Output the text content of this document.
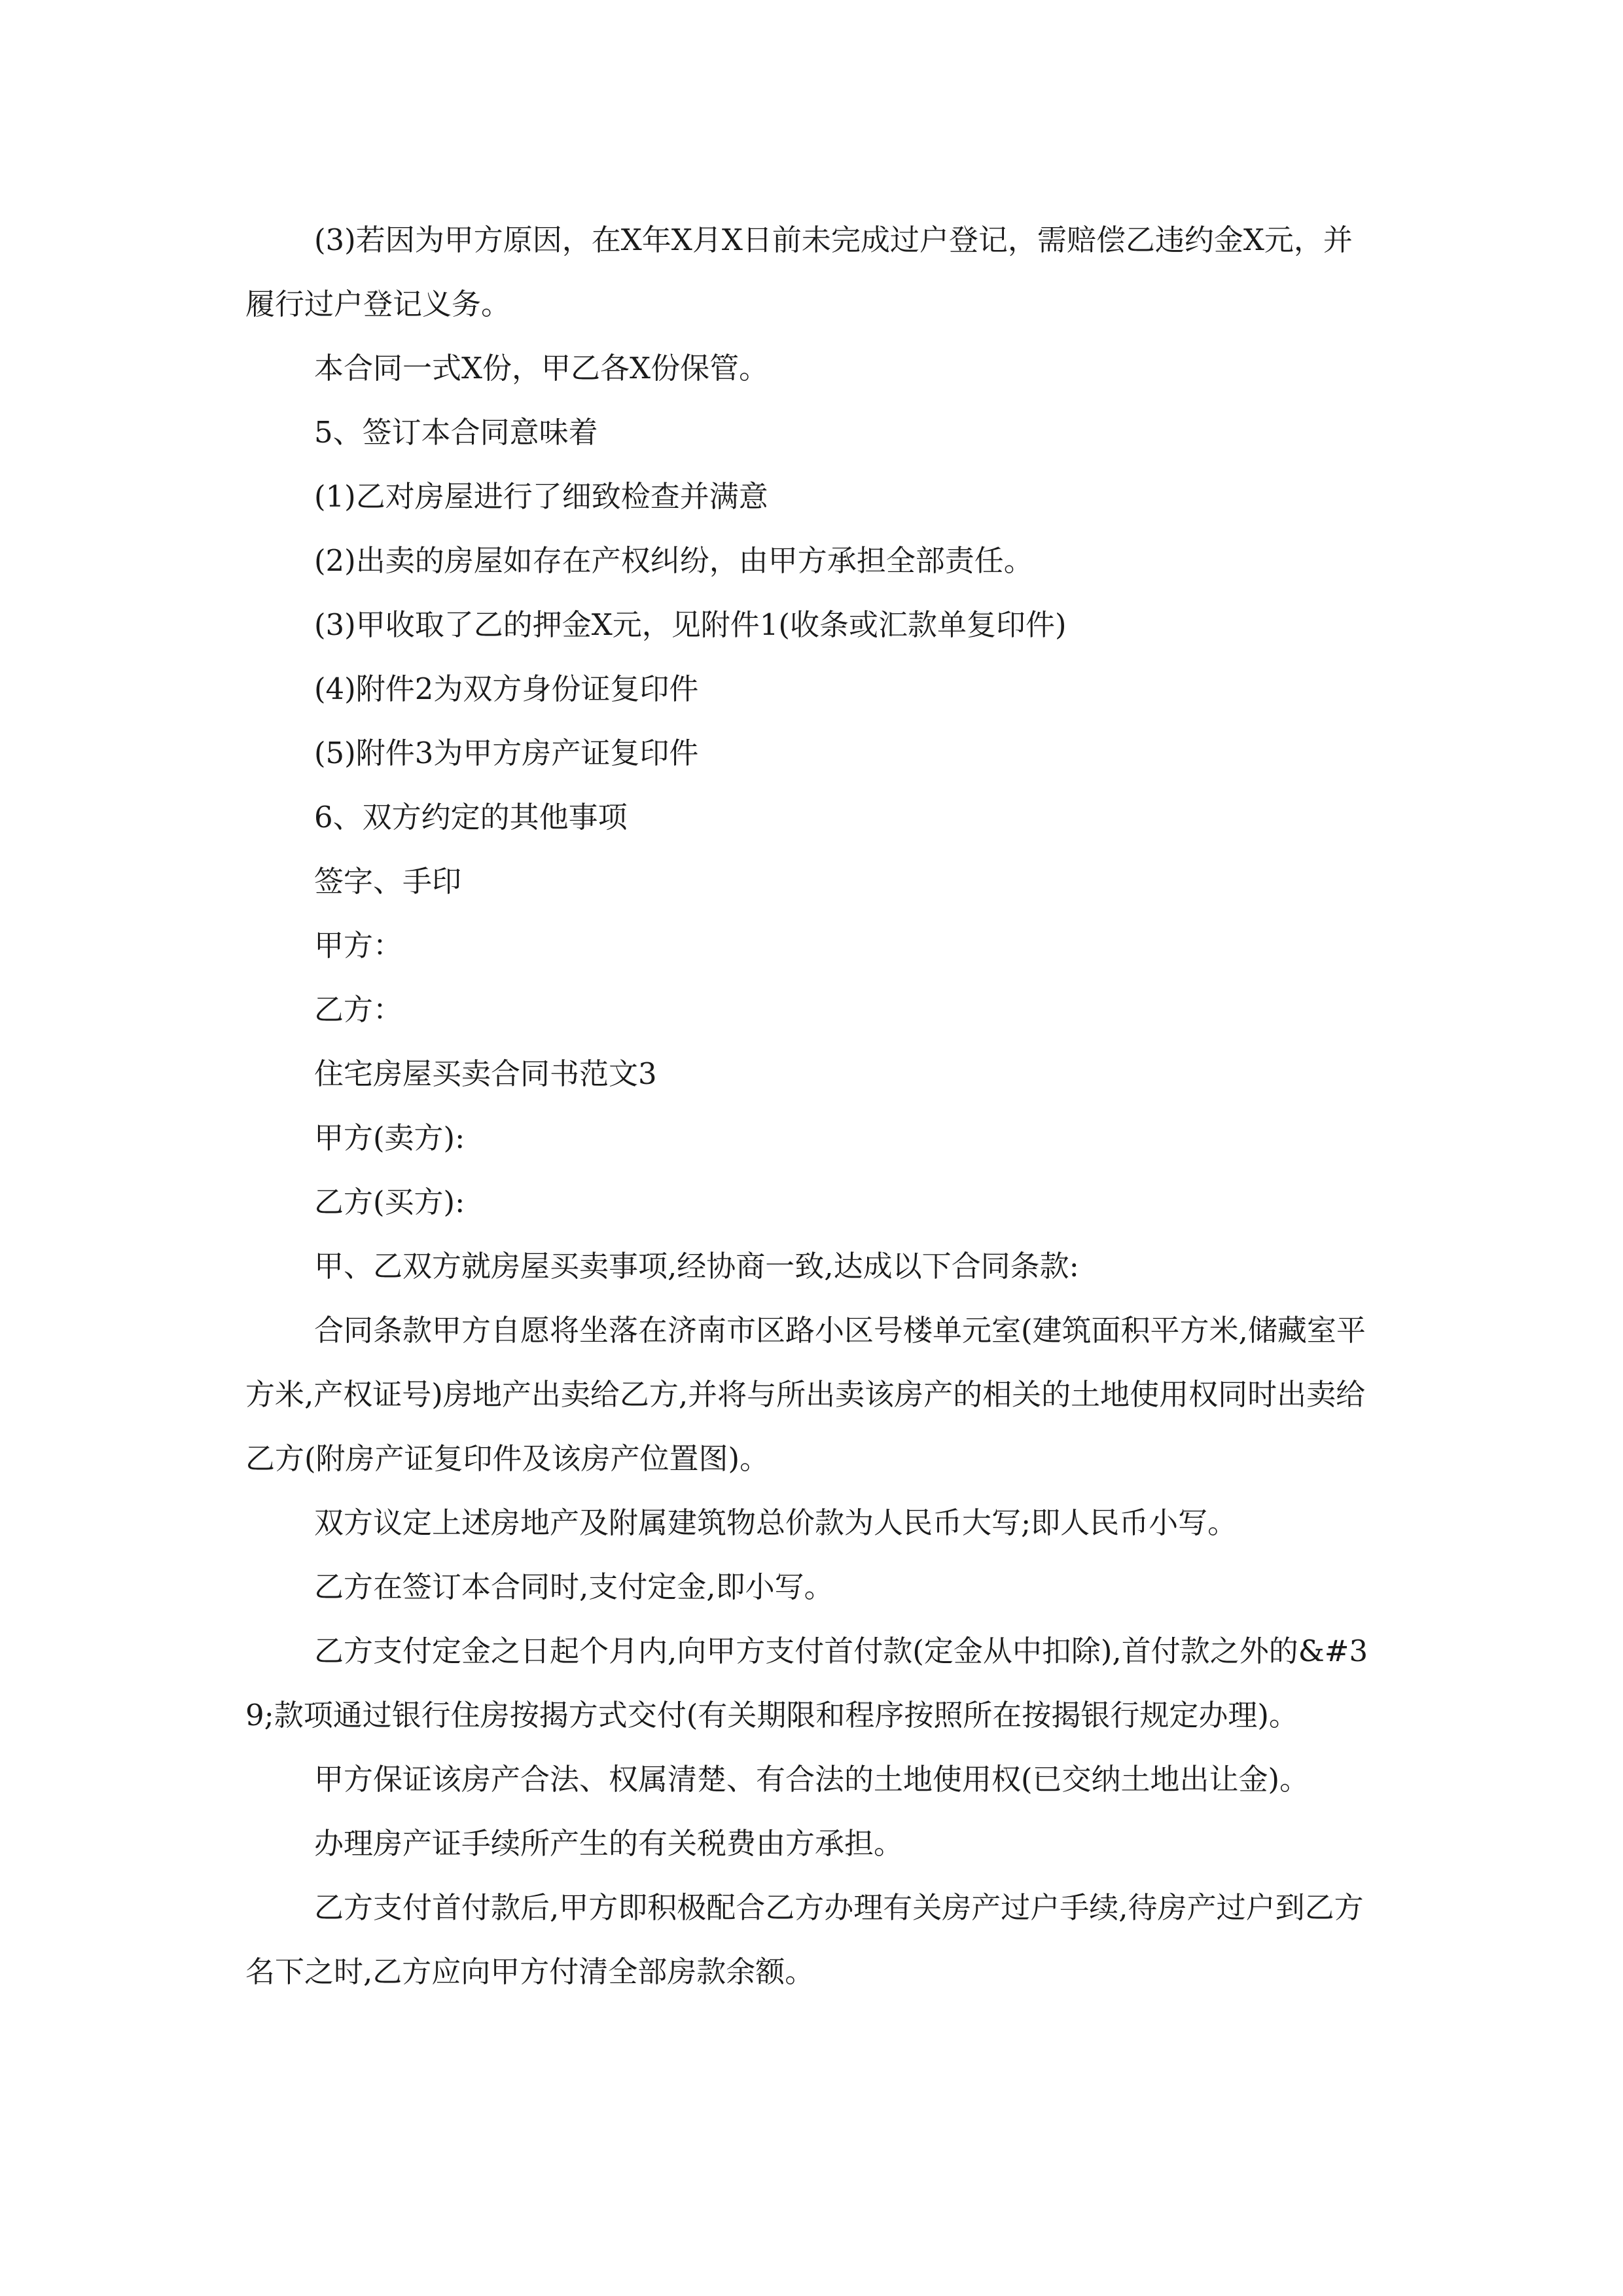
(3)若因为甲方原因，在X年X月X日前未完成过户登记，需赔偿乙违约金X元，并履行过户登记义务。

本合同一式X份，甲乙各X份保管。

5、签订本合同意味着

(1)乙对房屋进行了细致检查并满意

(2)出卖的房屋如存在产权纠纷，由甲方承担全部责任。

(3)甲收取了乙的押金X元，见附件1(收条或汇款单复印件)

(4)附件2为双方身份证复印件

(5)附件3为甲方房产证复印件

6、双方约定的其他事项

签字、手印

甲方：

乙方：

住宅房屋买卖合同书范文3

甲方(卖方):

乙方(买方):

甲、乙双方就房屋买卖事项,经协商一致,达成以下合同条款:

合同条款甲方自愿将坐落在济南市区路小区号楼单元室(建筑面积平方米,储藏室平方米,产权证号)房地产出卖给乙方,并将与所出卖该房产的相关的土地使用权同时出卖给乙方(附房产证复印件及该房产位置图)。

双方议定上述房地产及附属建筑物总价款为人民币大写;即人民币小写。

乙方在签订本合同时,支付定金,即小写。

乙方支付定金之日起个月内,向甲方支付首付款(定金从中扣除),首付款之外的&#39;款项通过银行住房按揭方式交付(有关期限和程序按照所在按揭银行规定办理)。

甲方保证该房产合法、权属清楚、有合法的土地使用权(已交纳土地出让金)。

办理房产证手续所产生的有关税费由方承担。

乙方支付首付款后,甲方即积极配合乙方办理有关房产过户手续,待房产过户到乙方名下之时,乙方应向甲方付清全部房款余额。
